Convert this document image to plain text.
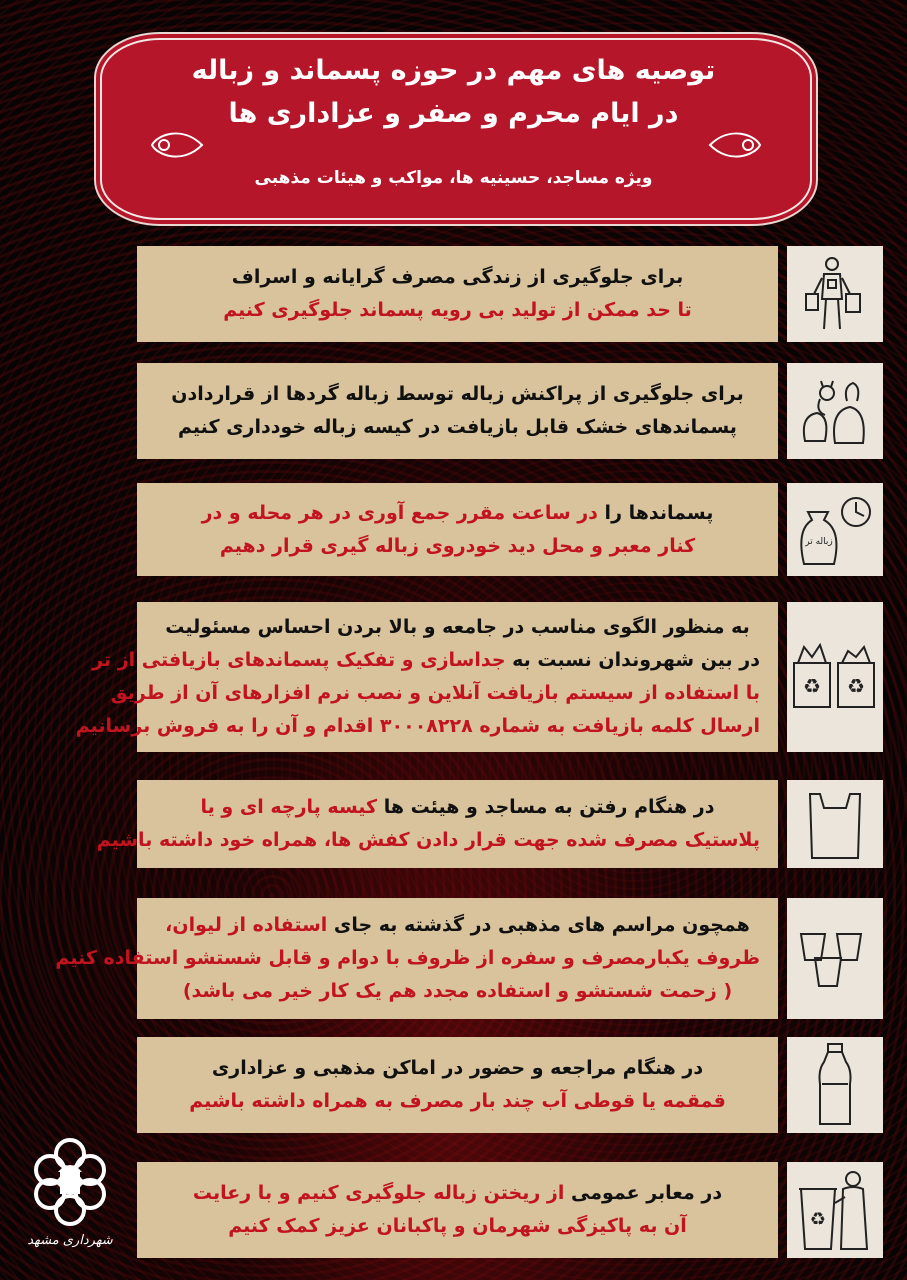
توصیه های مهم در حوزه پسماند و زباله
در ایام محرم و صفر و عزاداری ها
ویژه مساجد، حسینیه ها، مواکب و هیئات مذهبی
برای جلوگیری از زندگی مصرف گرایانه و اسراف
تا حد ممکن از تولید بی رویه پسماند جلوگیری کنیم
برای جلوگیری از پراکنش زباله توسط زباله گردها از قراردادن
پسماندهای خشک قابل بازیافت در کیسه زباله خودداری کنیم
پسماندها را در ساعت مقرر جمع آوری در هر محله و در
کنار معبر و محل دید خودروی زباله گیری قرار دهیم	زباله تر
به منظور الگوی مناسب در جامعه و بالا بردن احساس مسئولیت
در بین شهروندان نسبت به جداسازی و تفکیک پسماندهای بازیافتی از تر
با استفاده از سیستم بازیافت آنلاین و نصب نرم افزارهای آن از طریق
ارسال کلمه بازیافت به شماره ۳۰۰۰۸۲۲۸ اقدام و آن را به فروش برسانیم
♻ ♻
در هنگام رفتن به مساجد و هیئت ها کیسه پارچه ای و یا
پلاستیک مصرف شده جهت قرار دادن کفش ها، همراه خود داشته باشیم
همچون مراسم های مذهبی در گذشته به جای استفاده از لیوان،
ظروف یکبارمصرف و سفره از ظروف با دوام و قابل شستشو استفاده کنیم
( زحمت شستشو و استفاده مجدد هم یک کار خیر می باشد)
در هنگام مراجعه و حضور در اماکن مذهبی و عزاداری
قمقمه یا قوطی آب چند بار مصرف به همراه داشته باشیم
در معابر عمومی از ریختن زباله جلوگیری کنیم و با رعایت
آن به پاکیزگی شهرمان و پاکبانان عزیز کمک کنیم	♻
شهرداری مشهد
